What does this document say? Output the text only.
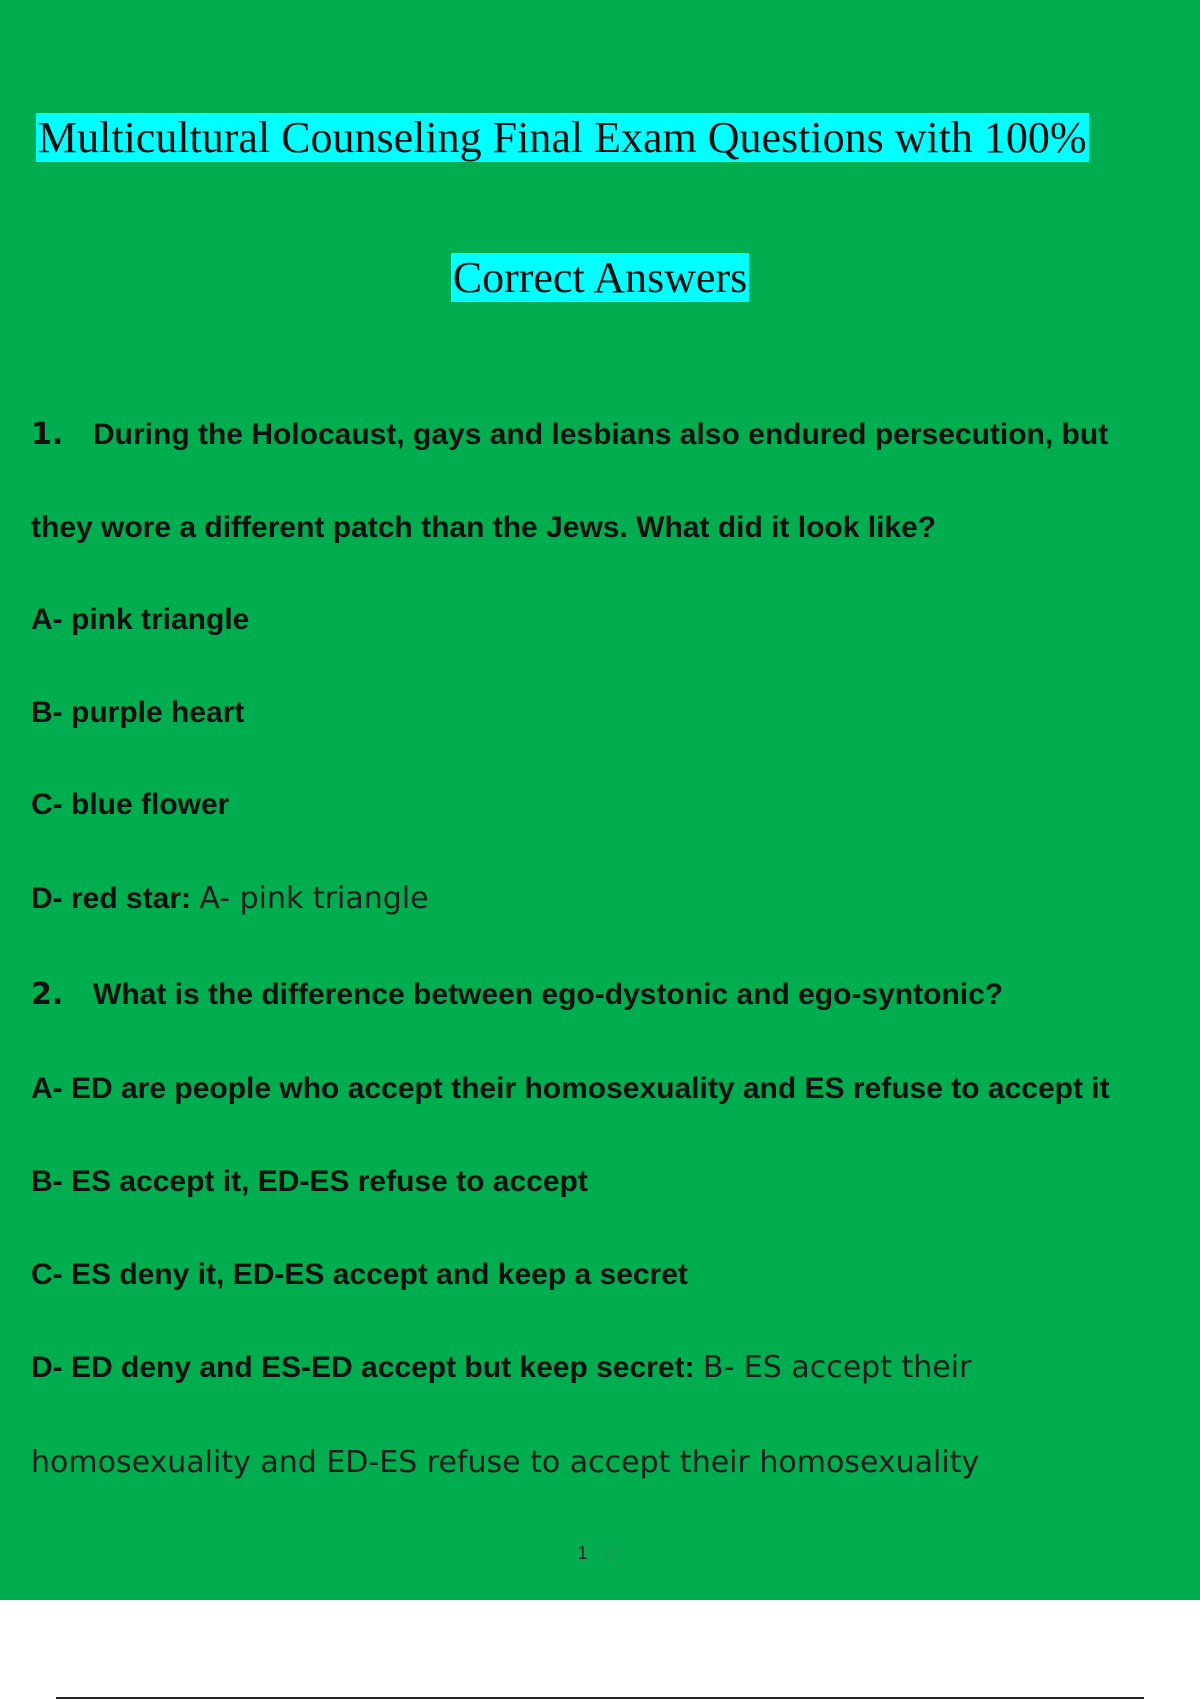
Multicultural Counseling Final Exam Questions with 100%
Correct Answers
1. During the Holocaust, gays and lesbians also endured persecution, but
they wore a different patch than the Jews. What did it look like?
A- pink triangle
B- purple heart
C- blue flower
D- red star: A- pink triangle
2. What is the difference between ego-dystonic and ego-syntonic?
A- ED are people who accept their homosexuality and ES refuse to accept it
B- ES accept it, ED-ES refuse to accept
C- ES deny it, ED-ES accept and keep a secret
D- ED deny and ES-ED accept but keep secret: B- ES accept their
homosexuality and ED-ES refuse to accept their homosexuality
1 / 14
